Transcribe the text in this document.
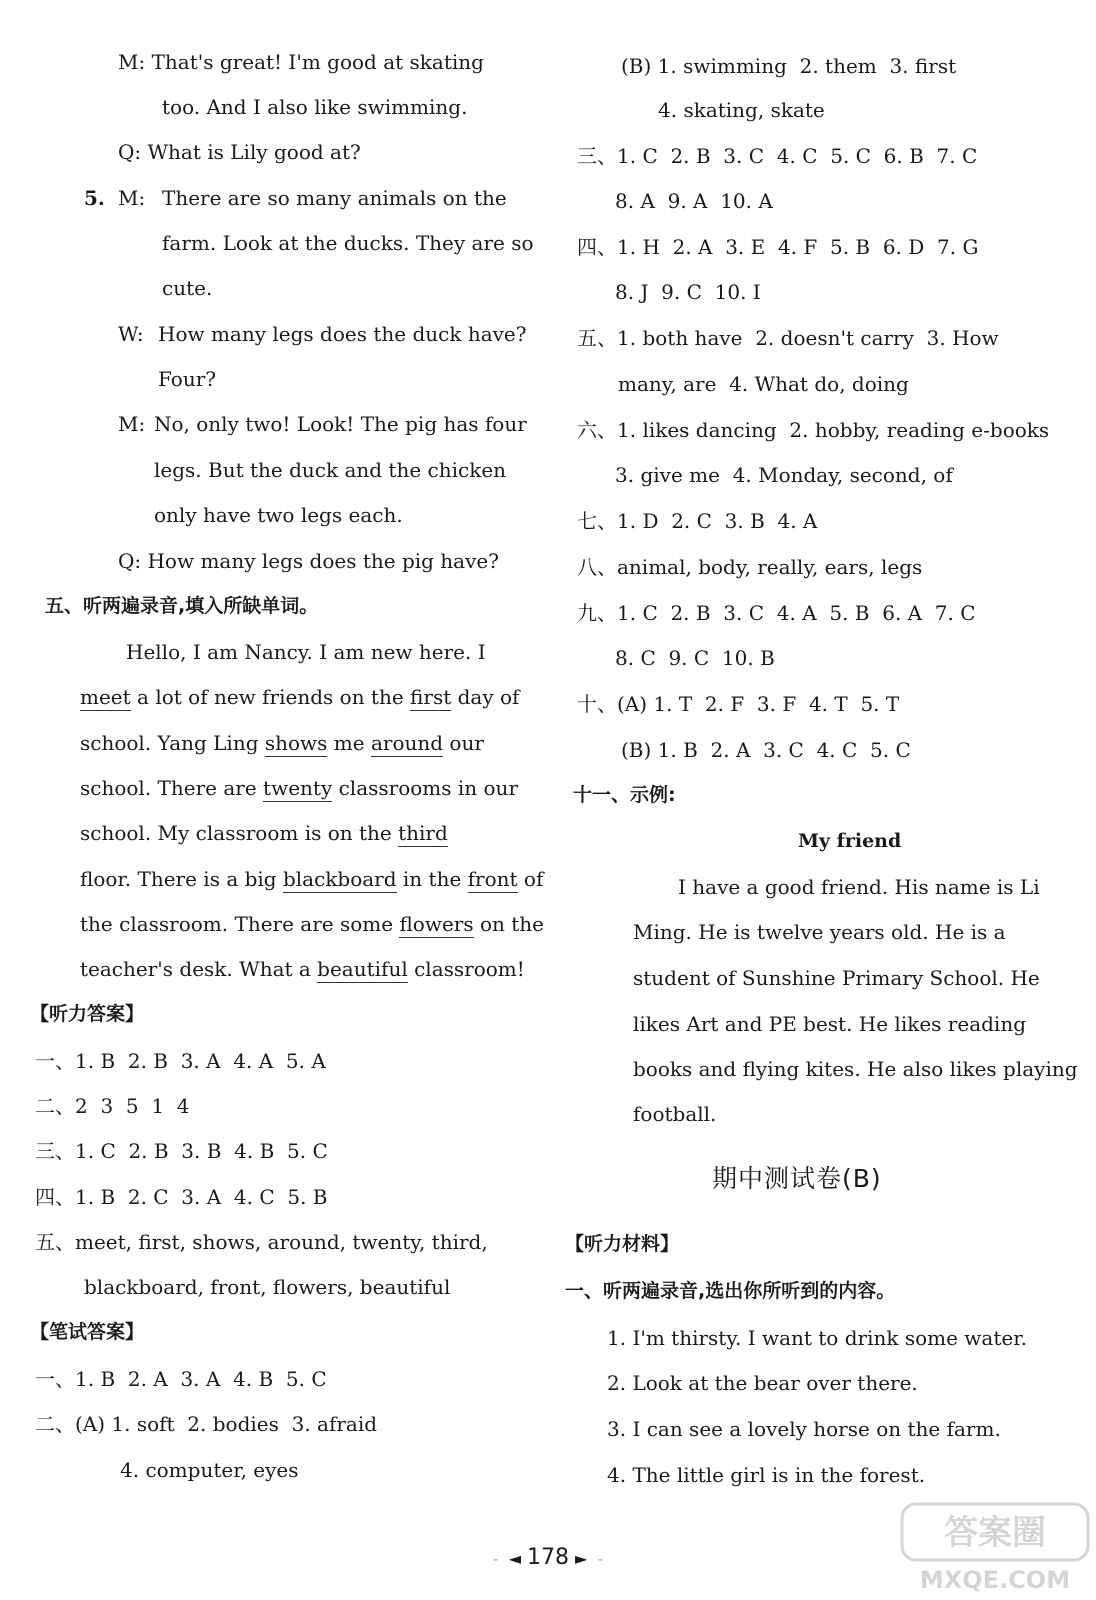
M: That's great! I'm good at skating
too. And I also like swimming.
Q: What is Lily good at?
5. M: There are so many animals on the
farm. Look at the ducks. They are so
cute.
W: How many legs does the duck have?
Four?
M: No, only two! Look! The pig has four
legs. But the duck and the chicken
only have two legs each.
Q: How many legs does the pig have?
五、听两遍录音,填入所缺单词。
Hello, I am Nancy. I am new here. I
meet a lot of new friends on the first day of
school. Yang Ling shows me around our
school. There are twenty classrooms in our
school. My classroom is on the third
floor. There is a big blackboard in the front of
the classroom. There are some flowers on the
teacher's desk. What a beautiful classroom!
【听力答案】
一、1. B  2. B  3. A  4. A  5. A
二、2  3  5  1  4
三、1. C  2. B  3. B  4. B  5. C
四、1. B  2. C  3. A  4. C  5. B
五、meet, first, shows, around, twenty, third,
blackboard, front, flowers, beautiful
【笔试答案】
一、1. B  2. A  3. A  4. B  5. C
二、(A) 1. soft  2. bodies  3. afraid
4. computer, eyes
(B) 1. swimming  2. them  3. first
4. skating, skate
三、1. C  2. B  3. C  4. C  5. C  6. B  7. C
8. A  9. A  10. A
四、1. H  2. A  3. E  4. F  5. B  6. D  7. G
8. J  9. C  10. I
五、1. both have  2. doesn't carry  3. How
many, are  4. What do, doing
六、1. likes dancing  2. hobby, reading e-books
3. give me  4. Monday, second, of
七、1. D  2. C  3. B  4. A
八、animal, body, really, ears, legs
九、1. C  2. B  3. C  4. A  5. B  6. A  7. C
8. C  9. C  10. B
十、(A) 1. T  2. F  3. F  4. T  5. T
(B) 1. B  2. A  3. C  4. C  5. C
十一、示例:
My friend
I have a good friend. His name is Li
Ming. He is twelve years old. He is a
student of Sunshine Primary School. He
likes Art and PE best. He likes reading
books and flying kites. He also likes playing
football.
期中测试卷(B)
【听力材料】
一、听两遍录音,选出你所听到的内容。
1. I'm thirsty. I want to drink some water.
2. Look at the bear over there.
3. I can see a lovely horse on the farm.
4. The little girl is in the forest.
- ◄ 178 ► -
答案圈
MXQE.COM
